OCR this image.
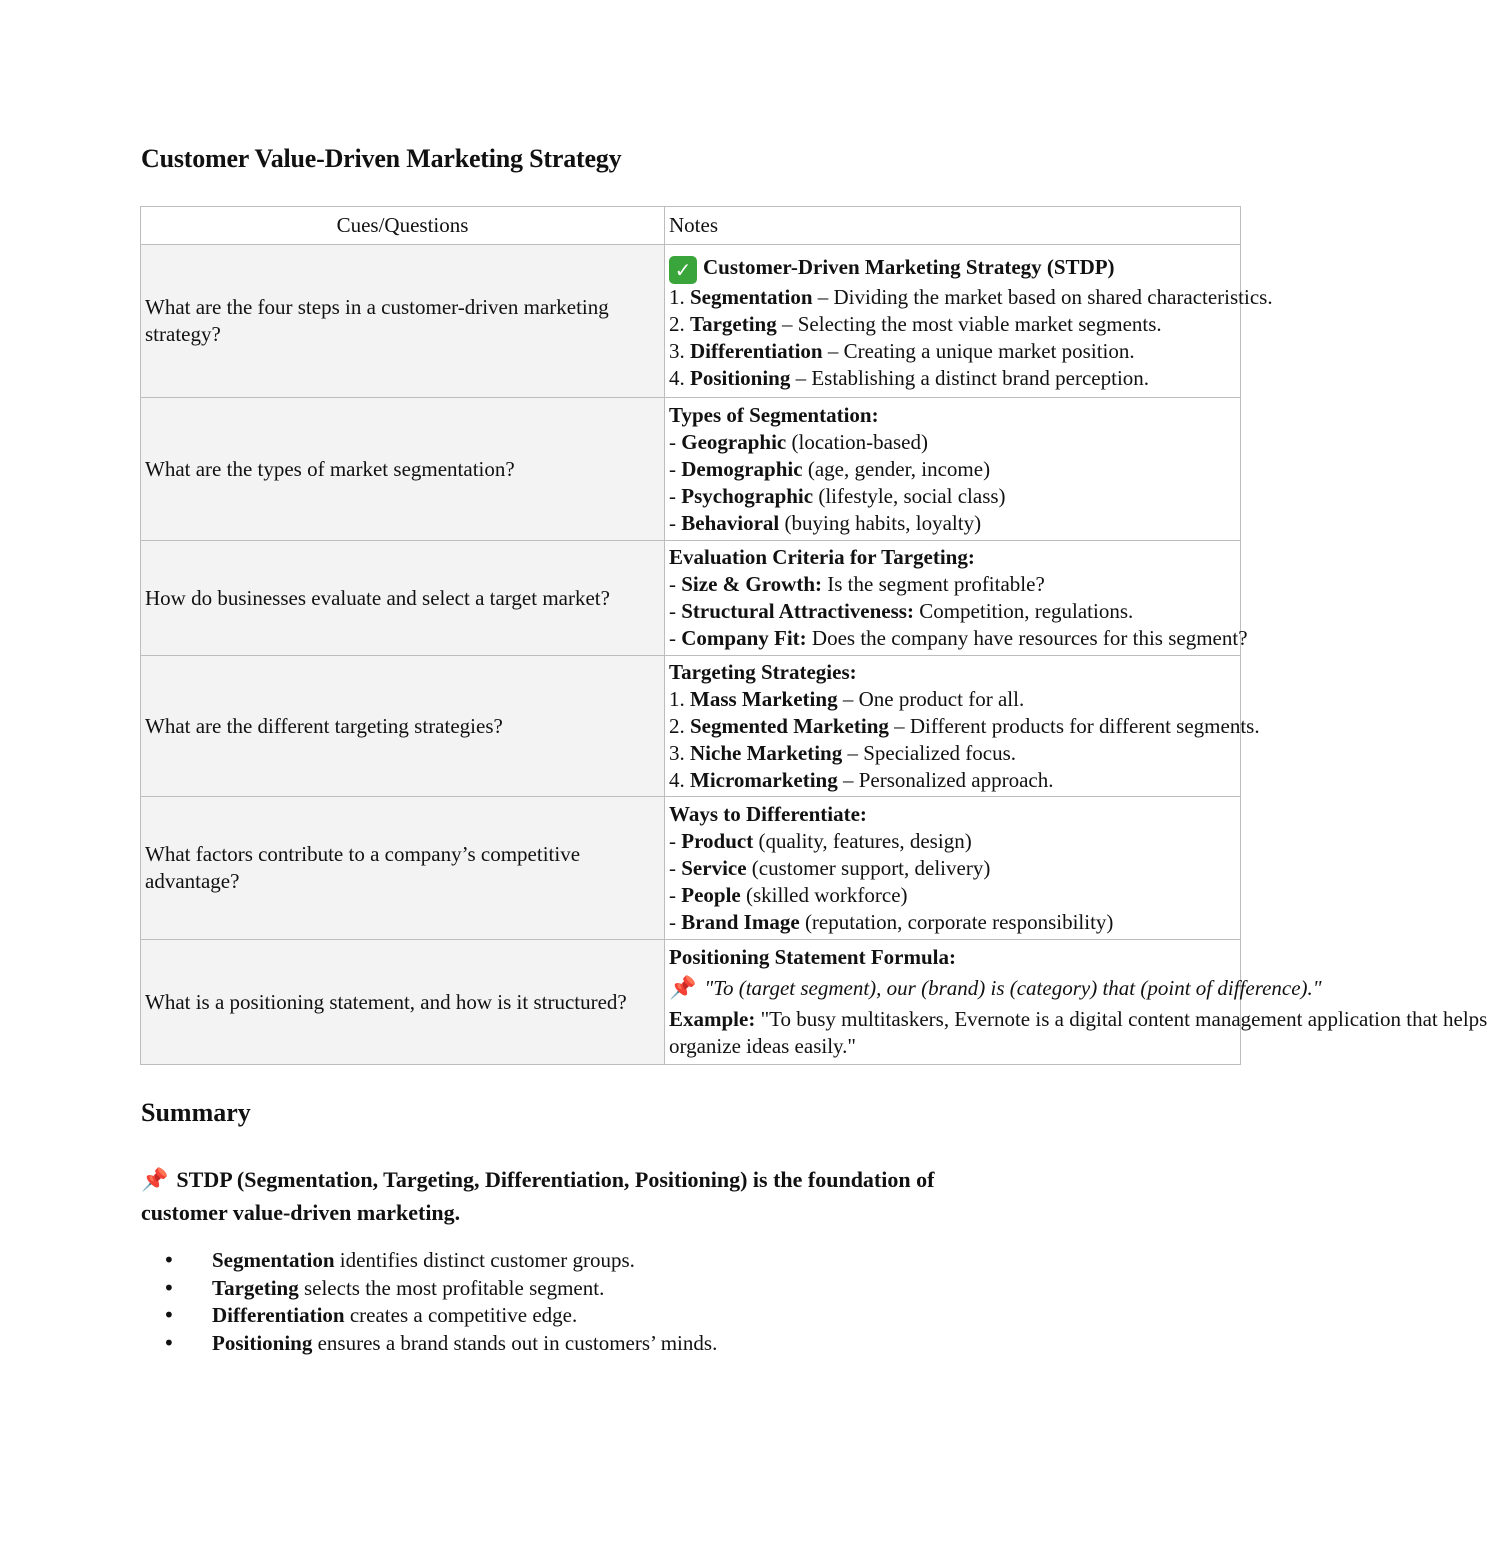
Customer Value-Driven Marketing Strategy
Cues/Questions	Notes
What are the four steps in a customer-driven marketing strategy?	✓ Customer-Driven Marketing Strategy (STDP)
1. Segmentation – Dividing the market based on shared characteristics.
2. Targeting – Selecting the most viable market segments.
3. Differentiation – Creating a unique market position.
4. Positioning – Establishing a distinct brand perception.

What are the types of market segmentation?	Types of Segmentation:
- Geographic (location-based)
- Demographic (age, gender, income)
- Psychographic (lifestyle, social class)
- Behavioral (buying habits, loyalty)

How do businesses evaluate and select a target market?	Evaluation Criteria for Targeting:
- Size & Growth: Is the segment profitable?
- Structural Attractiveness: Competition, regulations.
- Company Fit: Does the company have resources for this segment?

What are the different targeting strategies?	Targeting Strategies:
1. Mass Marketing – One product for all.
2. Segmented Marketing – Different products for different segments.
3. Niche Marketing – Specialized focus.
4. Micromarketing – Personalized approach.

What factors contribute to a company’s competitive advantage?	Ways to Differentiate:
- Product (quality, features, design)
- Service (customer support, delivery)
- People (skilled workforce)
- Brand Image (reputation, corporate responsibility)

What is a positioning statement, and how is it structured?	Positioning Statement Formula:
📌 "To (target segment), our (brand) is (category) that (point of difference)."
Example: "To busy multitaskers, Evernote is a digital content management application that helps
organize ideas easily."
Summary

📌 STDP (Segmentation, Targeting, Differentiation, Positioning) is the foundation of customer value-driven marketing.

• Segmentation identifies distinct customer groups.
• Targeting selects the most profitable segment.
• Differentiation creates a competitive edge.
• Positioning ensures a brand stands out in customers’ minds.
